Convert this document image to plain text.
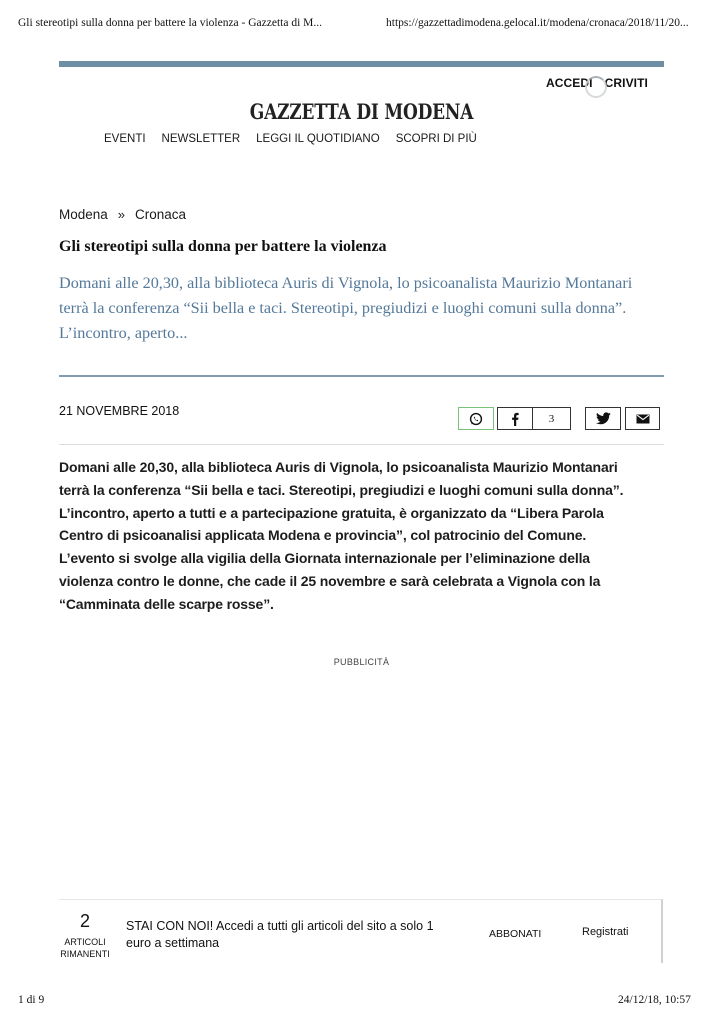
Gli stereotipi sulla donna per battere la violenza - Gazzetta di M...	https://gazzettadimodena.gelocal.it/modena/cronaca/2018/11/20...
ACCEDI CRIVITI
GAZZETTA DI MODENA
EVENTI NEWSLETTER LEGGI IL QUOTIDIANO SCOPRI DI PIÙ
Modena » Cronaca
Gli stereotipi sulla donna per battere la violenza
Domani alle 20,30, alla biblioteca Auris di Vignola, lo psicoanalista Maurizio Montanari terrà la conferenza “Sii bella e taci. Stereotipi, pregiudizi e luoghi comuni sulla donna”. L’incontro, aperto...
21 NOVEMBRE 2018
3

Domani alle 20,30, alla biblioteca Auris di Vignola, lo psicoanalista Maurizio Montanari

terrà la conferenza “Sii bella e taci. Stereotipi, pregiudizi e luoghi comuni sulla donna”.

L’incontro, aperto a tutti e a partecipazione gratuita, è organizzato da “Libera Parola

Centro di psicoanalisi applicata Modena e provincia”, col patrocinio del Comune.

L’evento si svolge alla vigilia della Giornata internazionale per l’eliminazione della

violenza contro le donne, che cade il 25 novembre e sarà celebrata a Vignola con la

“Camminata delle scarpe rosse”.

PUBBLICITÀ
2
ARTICOLI
RIMANENTI
STAI CON NOI! Accedi a tutti gli articoli del sito a solo 1 euro a settimana
ABBONATI	Registrati
1 di 9	24/12/18, 10:57
